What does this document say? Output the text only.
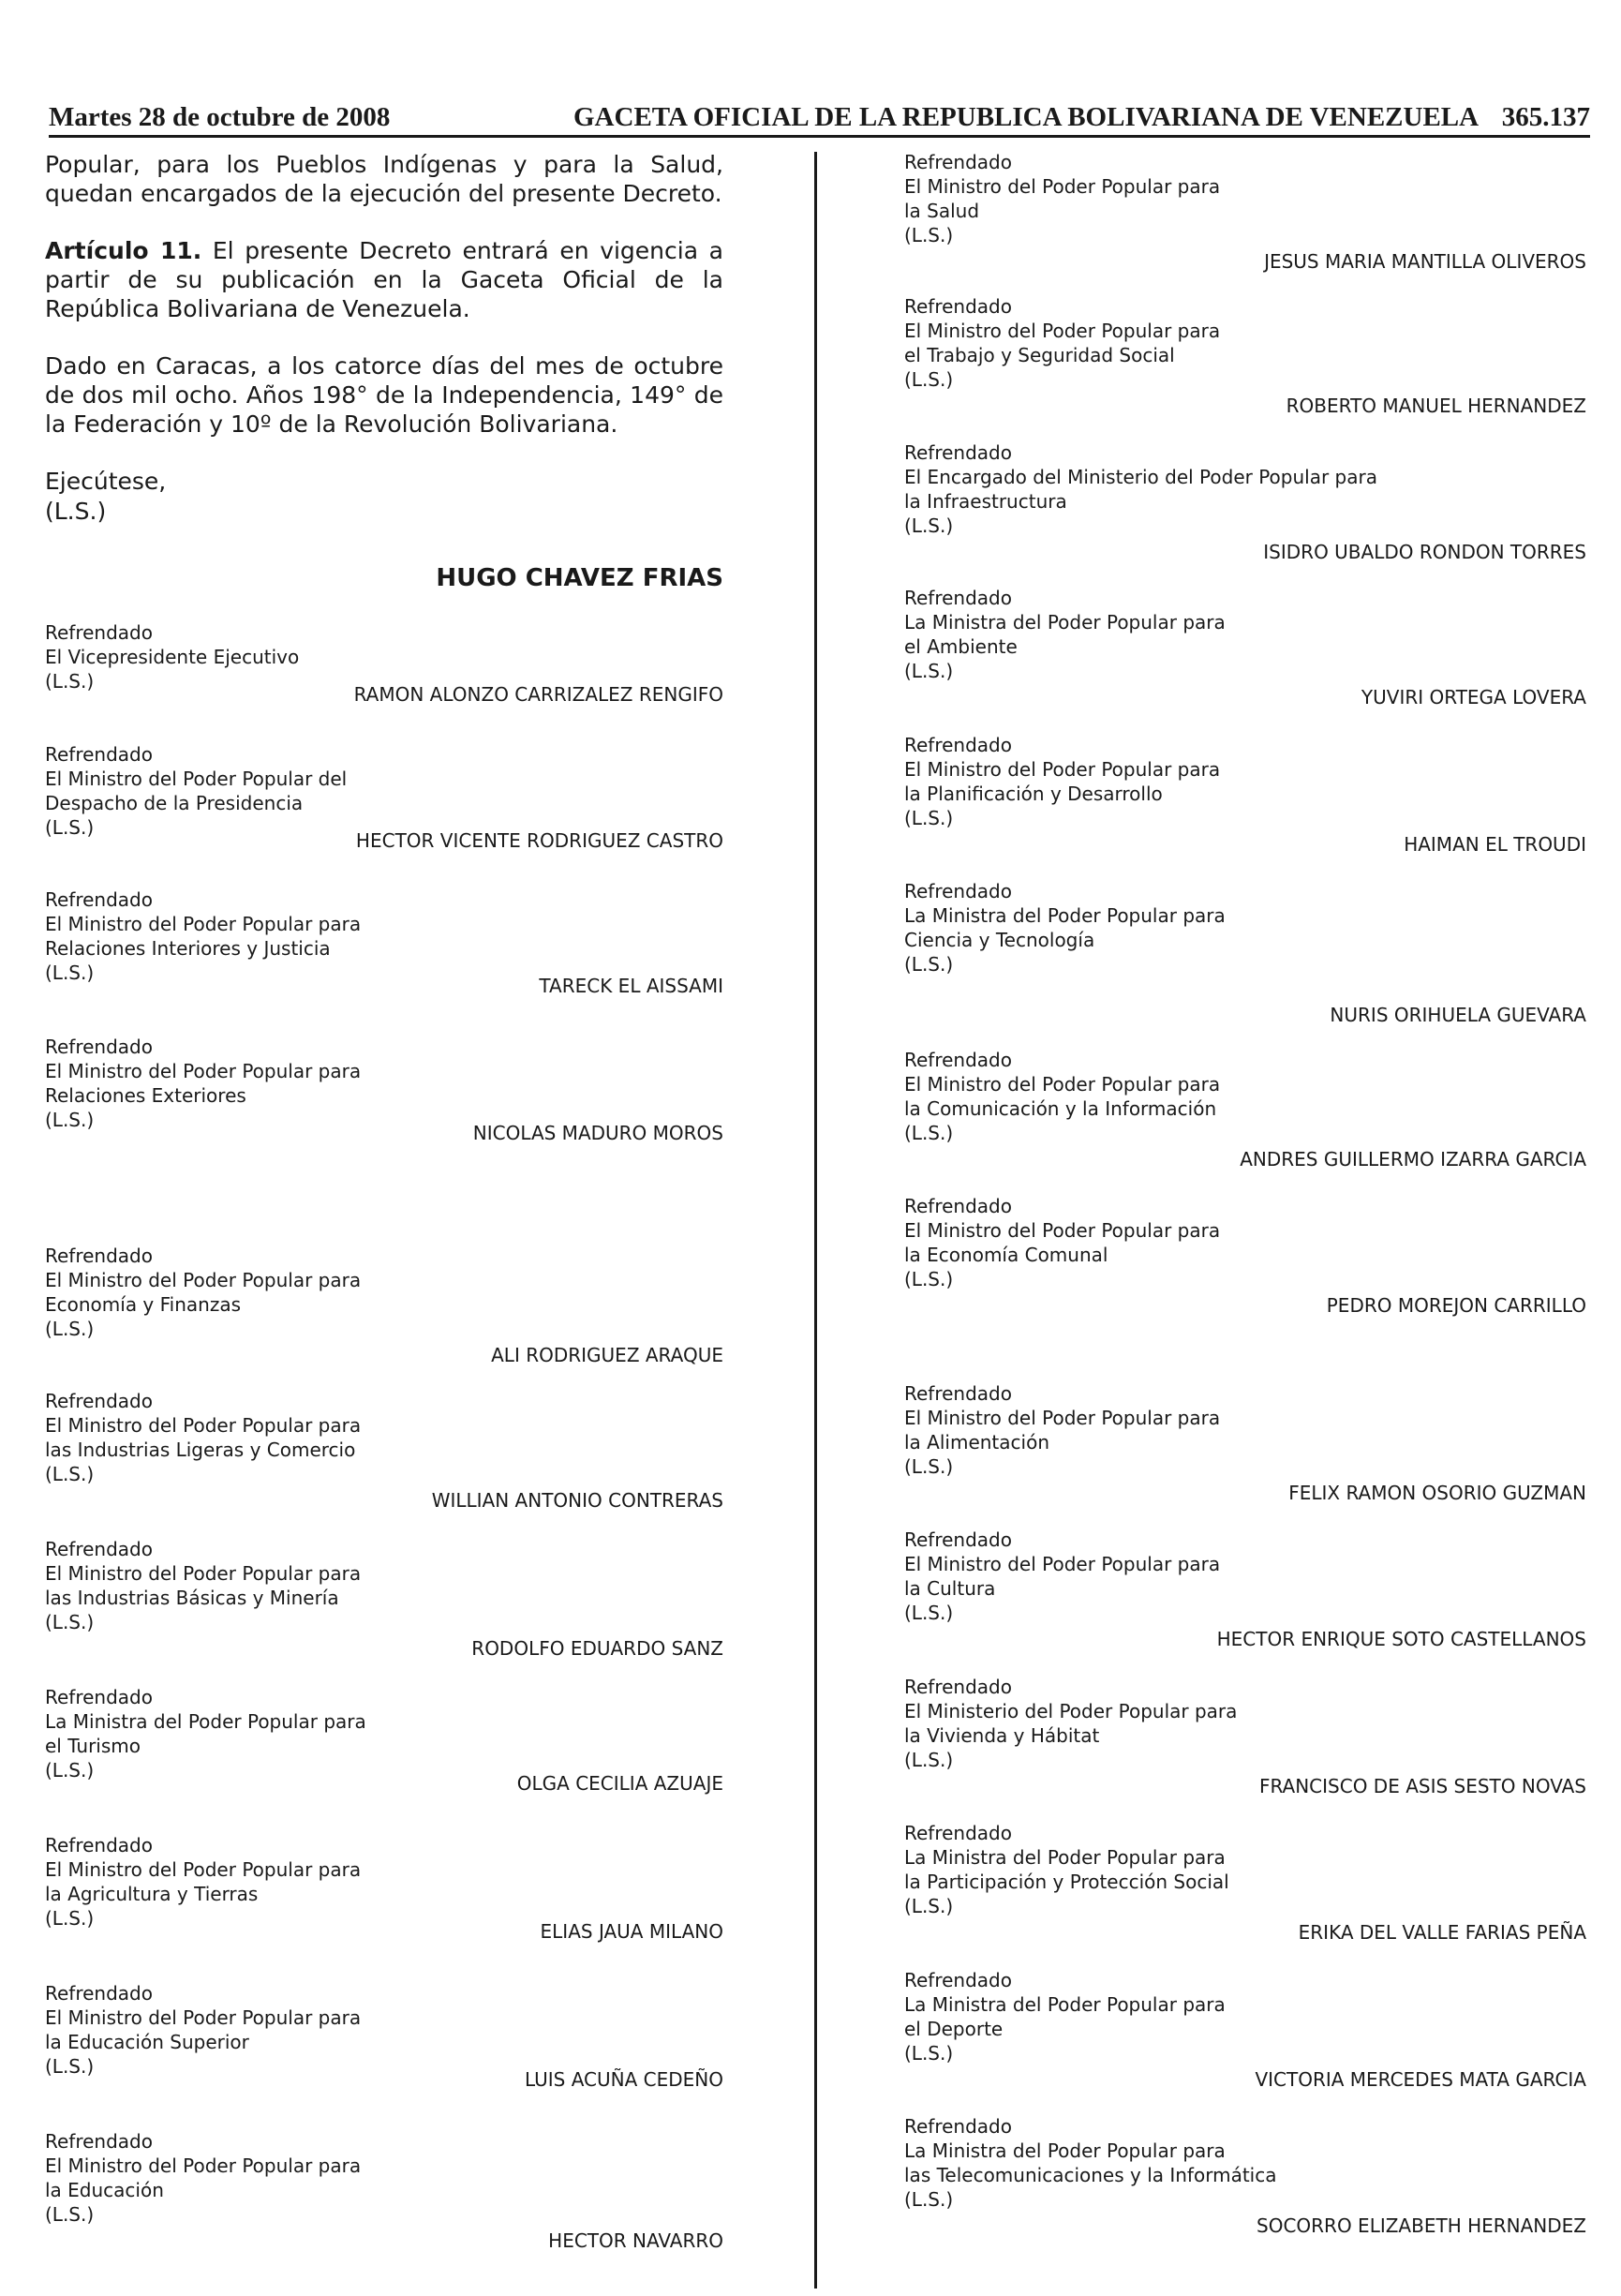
Martes 28 de octubre de 2008	GACETA OFICIAL DE LA REPUBLICA BOLIVARIANA DE VENEZUELA 365.137

Popular, para los Pueblos Indígenas y para la Salud, quedan encargados de la ejecución del presente Decreto.

Artículo 11. El presente Decreto entrará en vigencia a partir de su publicación en la Gaceta Oficial de la República Bolivariana de Venezuela.

Dado en Caracas, a los catorce días del mes de octubre de dos mil ocho. Años 198° de la Independencia, 149° de la Federación y 10º de la Revolución Bolivariana.

Ejecútese,

(L.S.)

HUGO CHAVEZ FRIAS

Refrendado
El Vicepresidente Ejecutivo
(L.S.)
RAMON ALONZO CARRIZALEZ RENGIFO
Refrendado
El Ministro del Poder Popular del
Despacho de la Presidencia
(L.S.)
HECTOR VICENTE RODRIGUEZ CASTRO
Refrendado
El Ministro del Poder Popular para
Relaciones Interiores y Justicia
(L.S.)
TARECK EL AISSAMI
Refrendado
El Ministro del Poder Popular para
Relaciones Exteriores
(L.S.)
NICOLAS MADURO MOROS
Refrendado
El Ministro del Poder Popular para
Economía y Finanzas
(L.S.)
ALI RODRIGUEZ ARAQUE
Refrendado
El Ministro del Poder Popular para
las Industrias Ligeras y Comercio
(L.S.)
WILLIAN ANTONIO CONTRERAS
Refrendado
El Ministro del Poder Popular para
las Industrias Básicas y Minería
(L.S.)
RODOLFO EDUARDO SANZ
Refrendado
La Ministra del Poder Popular para
el Turismo
(L.S.)
OLGA CECILIA AZUAJE
Refrendado
El Ministro del Poder Popular para
la Agricultura y Tierras
(L.S.)
ELIAS JAUA MILANO
Refrendado
El Ministro del Poder Popular para
la Educación Superior
(L.S.)
LUIS ACUÑA CEDEÑO
Refrendado
El Ministro del Poder Popular para
la Educación
(L.S.)
HECTOR NAVARRO
Refrendado
El Ministro del Poder Popular para
la Salud
(L.S.)
JESUS MARIA MANTILLA OLIVEROS
Refrendado
El Ministro del Poder Popular para
el Trabajo y Seguridad Social
(L.S.)
ROBERTO MANUEL HERNANDEZ
Refrendado
El Encargado del Ministerio del Poder Popular para
la Infraestructura
(L.S.)
ISIDRO UBALDO RONDON TORRES
Refrendado
La Ministra del Poder Popular para
el Ambiente
(L.S.)
YUVIRI ORTEGA LOVERA
Refrendado
El Ministro del Poder Popular para
la Planificación y Desarrollo
(L.S.)
HAIMAN EL TROUDI
Refrendado
La Ministra del Poder Popular para
Ciencia y Tecnología
(L.S.)
NURIS ORIHUELA GUEVARA
Refrendado
El Ministro del Poder Popular para
la Comunicación y la Información
(L.S.)
ANDRES GUILLERMO IZARRA GARCIA
Refrendado
El Ministro del Poder Popular para
la Economía Comunal
(L.S.)
PEDRO MOREJON CARRILLO
Refrendado
El Ministro del Poder Popular para
la Alimentación
(L.S.)
FELIX RAMON OSORIO GUZMAN
Refrendado
El Ministro del Poder Popular para
la Cultura
(L.S.)
HECTOR ENRIQUE SOTO CASTELLANOS
Refrendado
El Ministerio del Poder Popular para
la Vivienda y Hábitat
(L.S.)
FRANCISCO DE ASIS SESTO NOVAS
Refrendado
La Ministra del Poder Popular para
la Participación y Protección Social
(L.S.)
ERIKA DEL VALLE FARIAS PEÑA
Refrendado
La Ministra del Poder Popular para
el Deporte
(L.S.)
VICTORIA MERCEDES MATA GARCIA
Refrendado
La Ministra del Poder Popular para
las Telecomunicaciones y la Informática
(L.S.)
SOCORRO ELIZABETH HERNANDEZ
